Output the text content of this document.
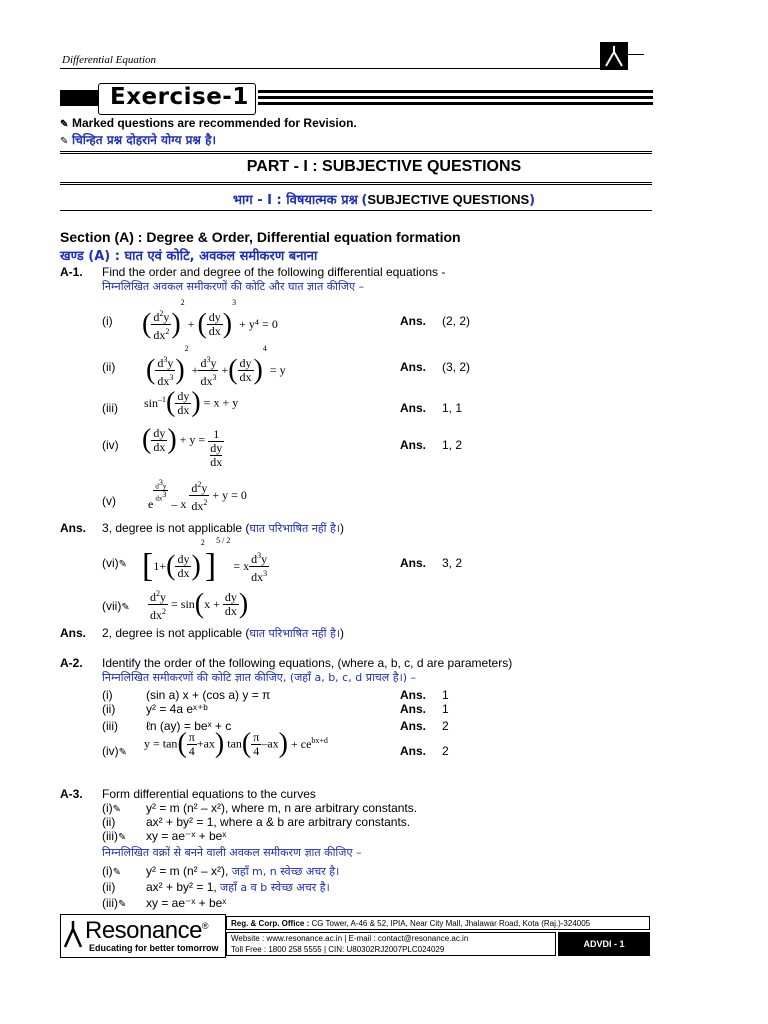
Differential Equation
Exercise-1
✎ Marked questions are recommended for Revision.
✎ चिन्हित प्रश्न दोहराने योग्य प्रश्न है।
PART - I : SUBJECTIVE QUESTIONS
भाग - I : विषयात्मक प्रश्न (SUBJECTIVE QUESTIONS)
Section (A) : Degree & Order, Differential equation formation
खण्ड (A) : घात एवं कोटि, अवकल समीकरण बनाना
A-1. Find the order and degree of the following differential equations -
निम्नलिखित अवकल समीकरणों की कोटि और घात ज्ञात कीजिए –
(i) ( $\frac{d^2y}{dx^2} )^2$ + ( $\frac{dy}{dx} )^3 + y^4 = 0$	Ans. (2, 2)
(ii) ( $\frac{d^3y}{dx^3} )^2 + \frac{d^3y}{dx^3}$ +( $\frac{dy}{dx} )^4 = y$	Ans. (3, 2)
(iii) $\sin^{-1}( \frac{dy}{dx}$ ) = x + y	Ans. 1, 1
(iv) ( $\frac{dy}{dx}$ ) + y = 1
dy
dx	Ans. 1, 2
(v)	e
$\frac{d^3y}{dx^3}$
– x $\frac{d^2y}{dx^2} + y = 0$
Ans. 3, degree is not applicable (घात परिभाषित नहीं है।)
(vi)✎ $[1+( \frac{dy}{dx} )^2]^{5 / 2} = x \frac{d^3y}{dx^3}$	Ans. 3, 2
(vii)✎	$\frac{d^2y}{dx^2} = \sin(x + \frac{dy}{dx}$ )
Ans. 2, degree is not applicable (घात परिभाषित नहीं है।)
A-2. Identify the order of the following equations, (where a, b, c, d are parameters)
निम्नलिखित समीकरणों की कोटि ज्ञात कीजिए, (जहाँ a, b, c, d प्राचल है।) –
(i)	(sin a) x + (cos a) y = π	Ans. 1
(ii)	y² = 4a eˣ⁺ᵇ	Ans. 1
(iii) ℓn (ay) = beˣ + c	Ans. 2
(iv)✎
$y = \tan( \frac{\pi}{4} +ax)$ $\tan( \frac{\pi}{4} -ax) + ce^{bx+d}$
Ans. 2
A-3. Form differential equations to the curves
(i)✎	y² = m (n² – x²), where m, n are arbitrary constants.
(ii)	ax² + by² = 1, where a & b are arbitrary constants.
(iii)✎	xy = ae⁻ˣ + beˣ
निम्नलिखित वक्रों से बनने वाली अवकल समीकरण ज्ञात कीजिए –
(i)✎	y² = m (n² – x²), जहाँ m, n स्वेच्छ अचर है।
(ii)	ax² + by² = 1, जहाँ a व b स्वेच्छ अचर है।
(iii)✎	xy = ae⁻ˣ + beˣ
Resonance®
Educating for better tomorrow
Reg. & Corp. Office : CG Tower, A-46 & 52, IPIA, Near City Mall, Jhalawar Road, Kota (Raj.)-324005
Website : www.resonance.ac.in | E-mail : contact@resonance.ac.in
Toll Free : 1800 258 5555 | CIN: U80302RJ2007PLC024029
ADVDI - 1
